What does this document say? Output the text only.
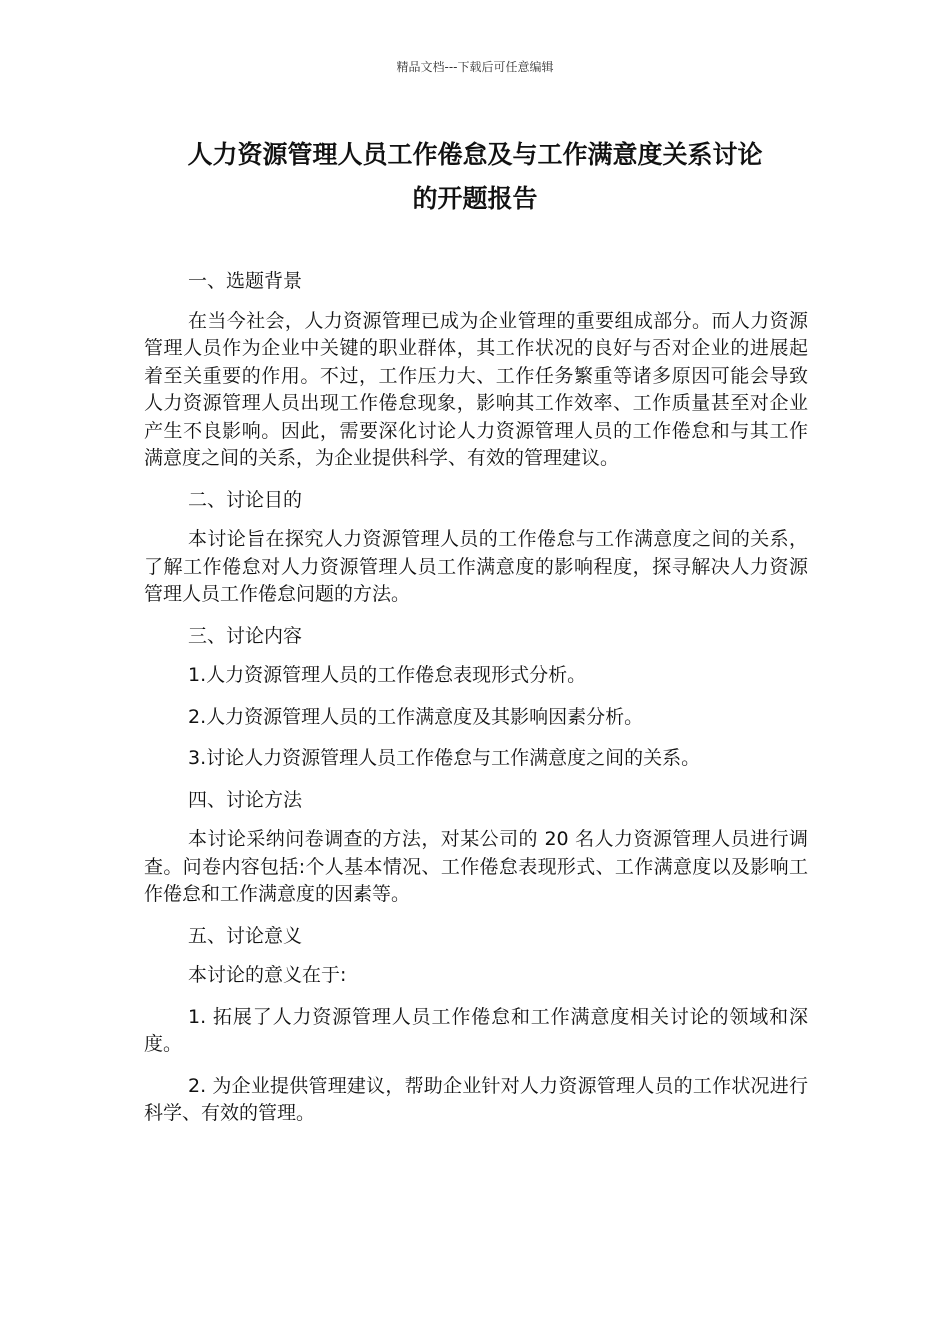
精品文档---下载后可任意编辑
人力资源管理人员工作倦怠及与工作满意度关系讨论
的开题报告

一、选题背景

在当今社会，人力资源管理已成为企业管理的重要组成部分。而人力资源管理人员作为企业中关键的职业群体，其工作状况的良好与否对企业的进展起着至关重要的作用。不过，工作压力大、工作任务繁重等诸多原因可能会导致人力资源管理人员出现工作倦怠现象，影响其工作效率、工作质量甚至对企业产生不良影响。因此，需要深化讨论人力资源管理人员的工作倦怠和与其工作满意度之间的关系，为企业提供科学、有效的管理建议。

二、讨论目的

本讨论旨在探究人力资源管理人员的工作倦怠与工作满意度之间的关系，了解工作倦怠对人力资源管理人员工作满意度的影响程度，探寻解决人力资源管理人员工作倦怠问题的方法。

三、讨论内容

1.人力资源管理人员的工作倦怠表现形式分析。

2.人力资源管理人员的工作满意度及其影响因素分析。

3.讨论人力资源管理人员工作倦怠与工作满意度之间的关系。

四、讨论方法

本讨论采纳问卷调查的方法，对某公司的 20 名人力资源管理人员进行调查。问卷内容包括:个人基本情况、工作倦怠表现形式、工作满意度以及影响工作倦怠和工作满意度的因素等。

五、讨论意义

本讨论的意义在于:

1. 拓展了人力资源管理人员工作倦怠和工作满意度相关讨论的领域和深度。

2. 为企业提供管理建议，帮助企业针对人力资源管理人员的工作状况进行科学、有效的管理。
